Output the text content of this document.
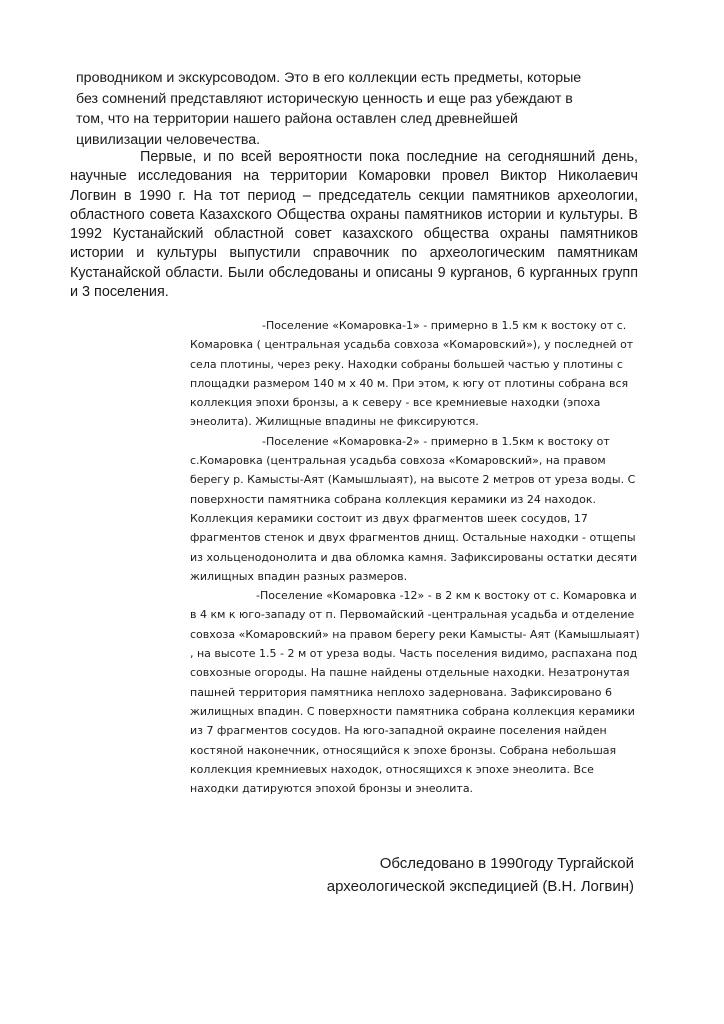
проводником и экскурсоводом. Это в его коллекции есть предметы, которые без сомнений представляют историческую ценность и еще раз убеждают в том, что на территории нашего района оставлен след древнейшей цивилизации человечества.

Первые, и по всей вероятности пока последние на сегодняшний день, научные исследования на территории Комаровки провел Виктор Николаевич Логвин в 1990 г. На тот период – председатель секции памятников археологии, областного совета Казахского Общества охраны памятников истории и культуры. В 1992 Кустанайский областной совет казахского общества охраны памятников истории и культуры выпустили справочник по археологическим памятникам Кустанайской области. Были обследованы и описаны 9 курганов, 6 курганных групп и 3 поселения.

-Поселение «Комаровка-1» - примерно в 1.5 км к востоку от с. Комаровка ( центральная усадьба совхоза «Комаровский»), у последней от села плотины, через реку. Находки собраны большей частью у плотины с площадки размером 140 м х 40 м. При этом, к югу от плотины собрана вся коллекция эпохи бронзы, а к северу - все кремниевые находки (эпоха энеолита). Жилищные впадины не фиксируются.

-Поселение «Комаровка-2» - примерно в 1.5км к востоку от с.Комаровка (центральная усадьба совхоза «Комаровский», на правом берегу р. Камысты-Аят (Камышлыаят), на высоте 2 метров от уреза воды. С поверхности памятника собрана коллекция керамики из 24 находок. Коллекция керамики состоит из двух фрагментов шеек сосудов, 17 фрагментов стенок и двух фрагментов днищ. Остальные находки - отщепы из хольценодонолита и два обломка камня. Зафиксированы остатки десяти жилищных впадин разных размеров.

-Поселение «Комаровка -12» - в 2 км к востоку от с. Комаровка и в 4 км к юго-западу от п. Первомайский -центральная усадьба и отделение совхоза «Комаровский» на правом берегу реки Камысты- Аят (Камышлыаят) , на высоте 1.5 - 2 м от уреза воды. Часть поселения видимо, распахана под совхозные огороды. На пашне найдены отдельные находки. Незатронутая пашней территория памятника неплохо задернована. Зафиксировано 6 жилищных впадин. С поверхности памятника собрана коллекция керамики из 7 фрагментов сосудов. На юго-западной окраине поселения найден костяной наконечник, относящийся к эпохе бронзы. Собрана небольшая коллекция кремниевых находок, относящихся к эпохе энеолита. Все находки датируются эпохой бронзы и энеолита.

Обследовано в 1990году Тургайской
археологической экспедицией (В.Н. Логвин)
